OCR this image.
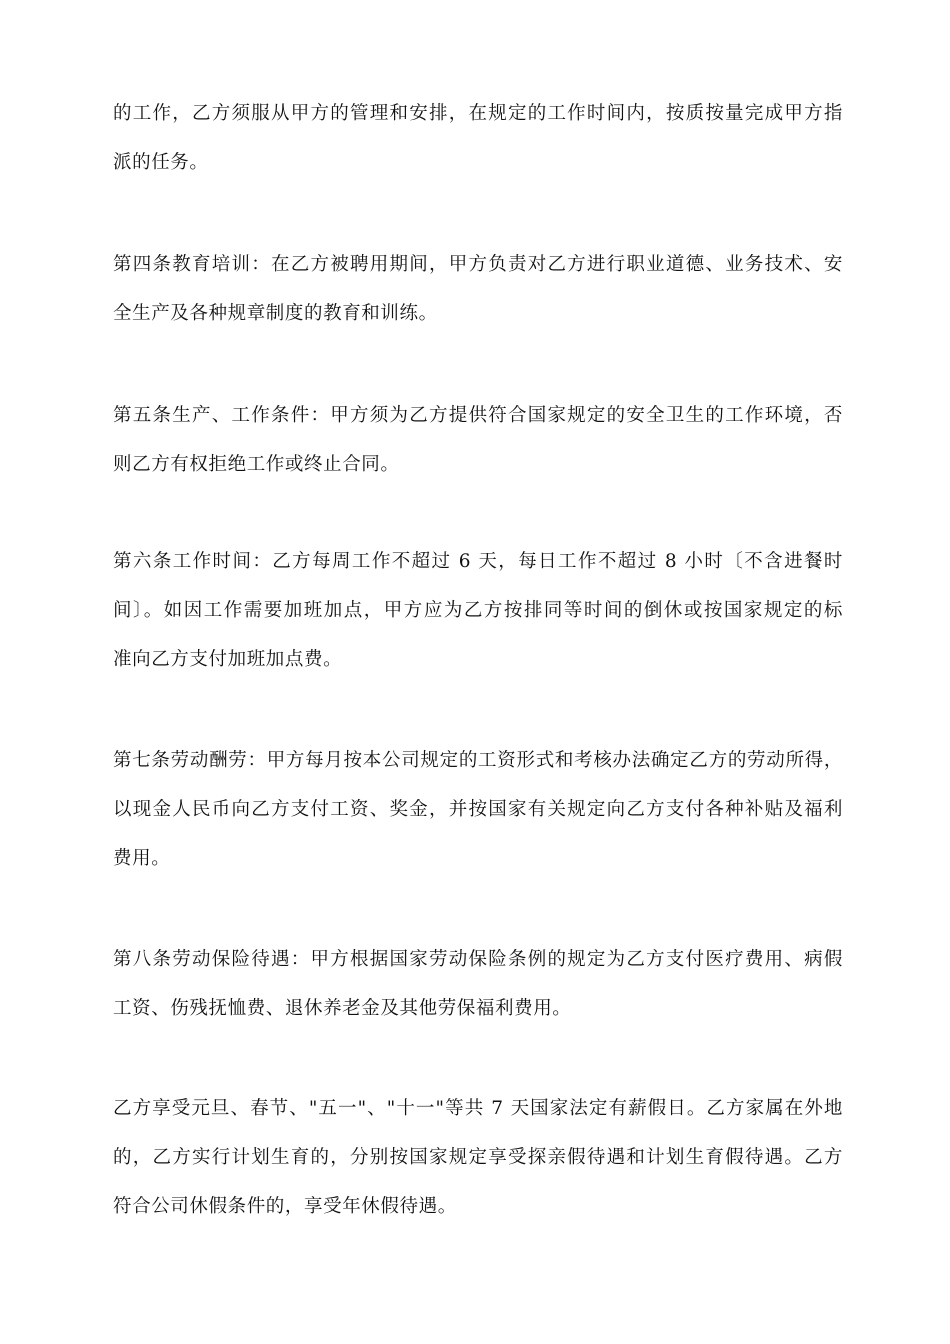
的工作，乙方须服从甲方的管理和安排，在规定的工作时间内，按质按量完成甲方指
派的任务。
第四条教育培训：在乙方被聘用期间，甲方负责对乙方进行职业道德、业务技术、安
全生产及各种规章制度的教育和训练。
第五条生产、工作条件：甲方须为乙方提供符合国家规定的安全卫生的工作环境，否
则乙方有权拒绝工作或终止合同。
第六条工作时间：乙方每周工作不超过 6 天，每日工作不超过 8 小时〔不含进餐时
间〕。如因工作需要加班加点，甲方应为乙方按排同等时间的倒休或按国家规定的标
准向乙方支付加班加点费。
第七条劳动酬劳：甲方每月按本公司规定的工资形式和考核办法确定乙方的劳动所得，
以现金人民币向乙方支付工资、奖金，并按国家有关规定向乙方支付各种补贴及福利
费用。
第八条劳动保险待遇：甲方根据国家劳动保险条例的规定为乙方支付医疗费用、病假
工资、伤残抚恤费、退休养老金及其他劳保福利费用。
乙方享受元旦、春节、"五一"、"十一"等共 7 天国家法定有薪假日。乙方家属在外地
的，乙方实行计划生育的，分别按国家规定享受探亲假待遇和计划生育假待遇。乙方
符合公司休假条件的，享受年休假待遇。
